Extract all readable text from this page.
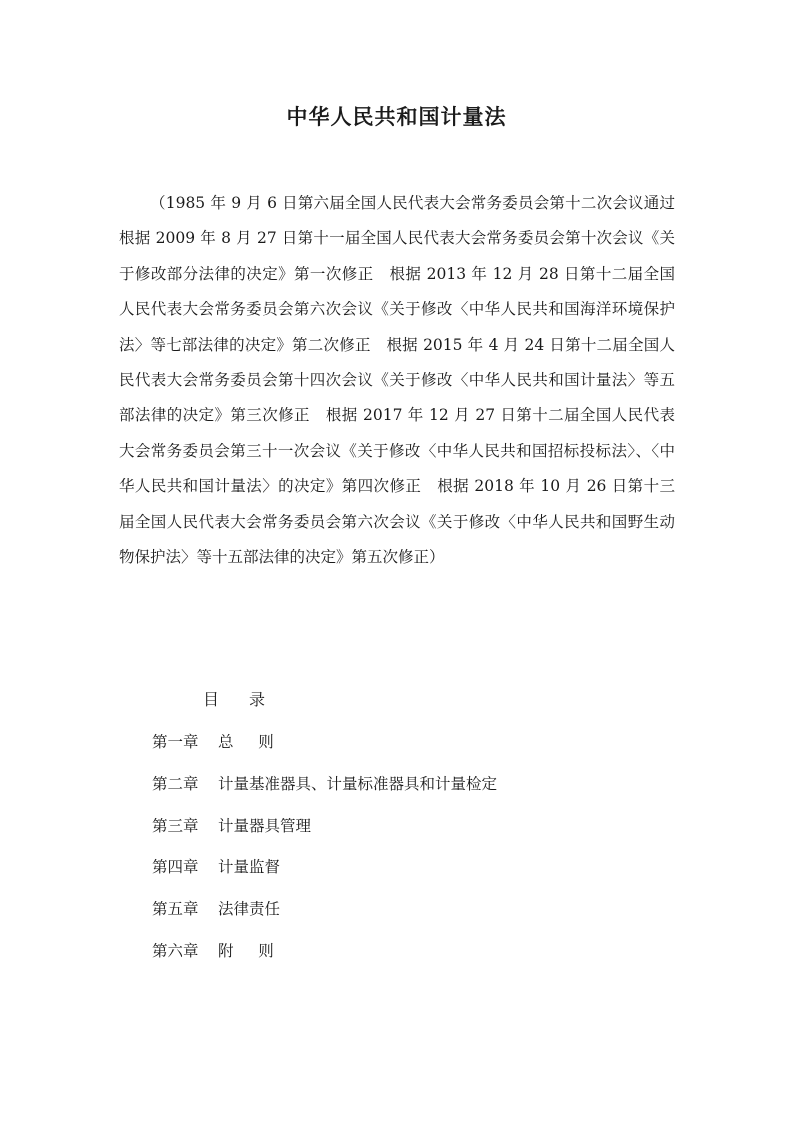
中华人民共和国计量法

（1985 年 9 月 6 日第六届全国人民代表大会常务委员会第十二次会议通过　根据 2009 年 8 月 27 日第十一届全国人民代表大会常务委员会第十次会议《关于修改部分法律的决定》第一次修正　根据 2013 年 12 月 28 日第十二届全国人民代表大会常务委员会第六次会议《关于修改〈中华人民共和国海洋环境保护法〉等七部法律的决定》第二次修正　根据 2015 年 4 月 24 日第十二届全国人民代表大会常务委员会第十四次会议《关于修改〈中华人民共和国计量法〉等五部法律的决定》第三次修正　根据 2017 年 12 月 27 日第十二届全国人民代表大会常务委员会第三十一次会议《关于修改〈中华人民共和国招标投标法〉、〈中华人民共和国计量法〉的决定》第四次修正　根据 2018 年 10 月 26 日第十三届全国人民代表大会常务委员会第六次会议《关于修改〈中华人民共和国野生动物保护法〉等十五部法律的决定》第五次修正）

目录
第一章 总则
第二章 计量基准器具、计量标准器具和计量检定
第三章 计量器具管理
第四章 计量监督
第五章 法律责任
第六章 附则
